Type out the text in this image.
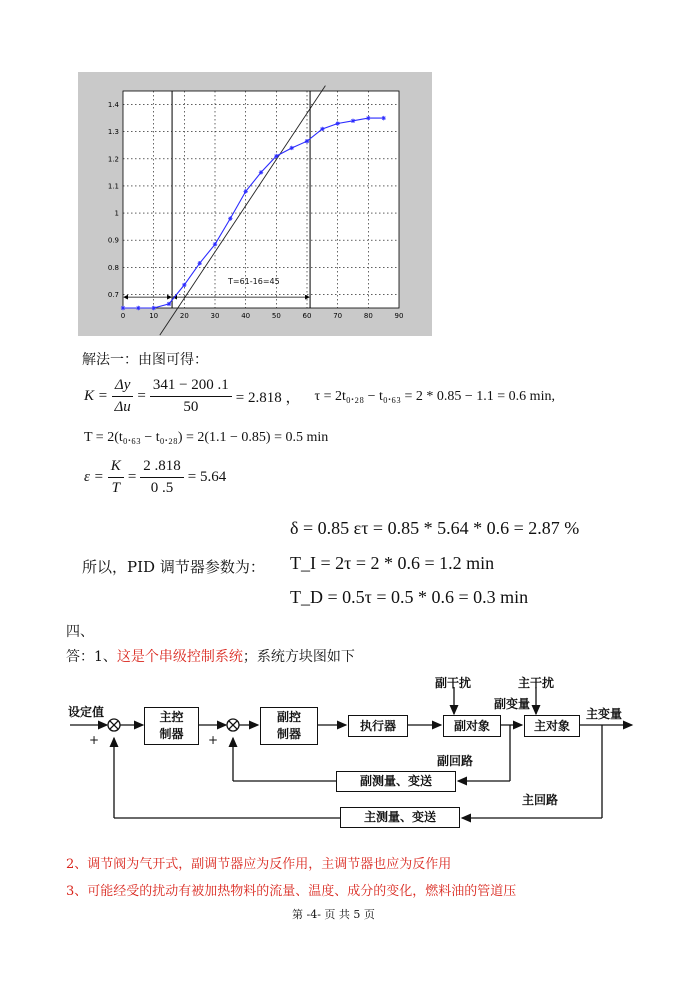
0	10	20	30	40	50	60	70	80	90
0.7
0.8
0.9
1
1.1
1.2
1.3
1.4
T=61-16=45
解法一：由图可得：
$K = \frac{\Delta y}{\Delta u} = \frac{341 - 200 .1}{50} = 2.818$ ， τ = 2t₀.₂₈ − t₀.₆₃ = 2 * 0.85 − 1.1 = 0.6 min,
T = 2(t₀.₆₃ − t₀.₂₈) = 2(1.1 − 0.85) = 0.5 min
$\varepsilon = \frac{K}{T} = \frac{2 .818}{0 .5} = 5.64$
δ = 0.85 ετ = 0.85 * 5.64 * 0.6 = 2.87 %
所以，PID 调节器参数为： T_I = 2τ = 2 * 0.6 = 1.2 min
T_D = 0.5τ = 0.5 * 0.6 = 0.3 min
四、
答：1、这是个串级控制系统；系统方块图如下
主控
制器
副控
制器
执行器	副对象	主对象
副测量、变送
主测量、变送
设定值
+	+
副干扰	主干扰
副变量
主变量
副回路
主回路
2、调节阀为气开式，副调节器应为反作用，主调节器也应为反作用
3、可能经受的扰动有被加热物料的流量、温度、成分的变化，燃料油的管道压
第 -4- 页 共 5 页
